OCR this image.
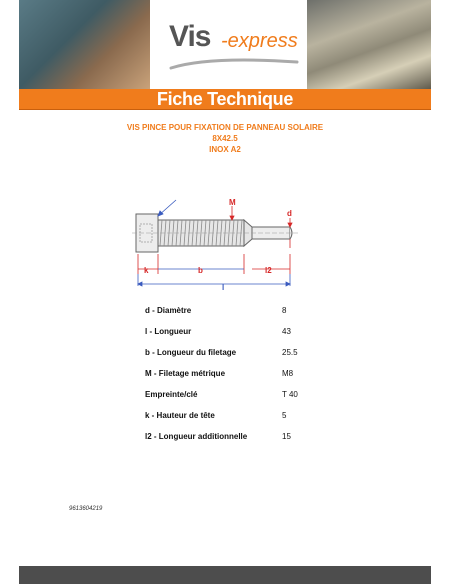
Vis -express
Fiche Technique
VIS PINCE POUR FIXATION DE PANNEAU SOLAIRE
8X42.5
INOX A2
M
d
k	b	l2
l
d - Diamètre	8
l - Longueur	43
b - Longueur du filetage	25.5
M - Filetage métrique	M8
Empreinte/clé	T 40
k - Hauteur de tête	5
l2 - Longueur additionnelle	15
9613604219
